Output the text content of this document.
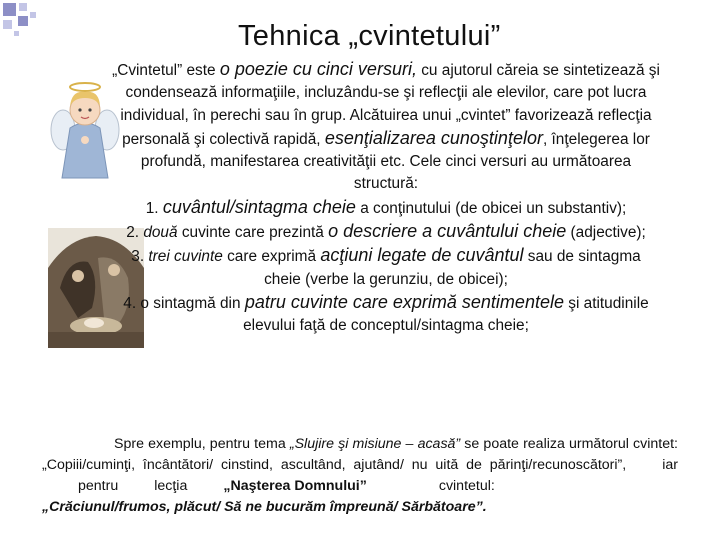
Tehnica „cvintetului”

„Cvintetul” este o poezie cu cinci versuri, cu ajutorul căreia se sintetizează şi condensează informaţiile, incluzându-se şi reflecţii ale elevilor, care pot lucra individual, în perechi sau în grup. Alcătuirea unui „cvintet” favorizează reflecţia personală şi colectivă rapidă, esenţializarea cunoştinţelor, înţelegerea lor profundă, manifestarea creativităţii etc. Cele cinci versuri au următoarea structură:

1. cuvântul/sintagma cheie a conţinutului (de obicei un substantiv);

2. două cuvinte care prezintă o descriere a cuvântului cheie (adjective);

3. trei cuvinte care exprimă acţiuni legate de cuvântul sau de sintagma cheie (verbe la gerunziu, de obicei);

4. o sintagmă din patru cuvinte care exprimă sentimentele şi atitudinile elevului faţă de conceptul/sintagma cheie;

Spre exemplu, pentru tema „Slujire şi misiune – acasă” se poate realiza următorul cvintet: „Copiii/cuminţi, încântători/ cinstind, ascultând, ajutând/ nu uită de părinţi/recunoscători”,	iarpentru	lecţia	„Naşterea Domnului”	cvintetul:
„Crăciunul/frumos, plăcut/ Să ne bucurăm împreună/ Sărbătoare”.
